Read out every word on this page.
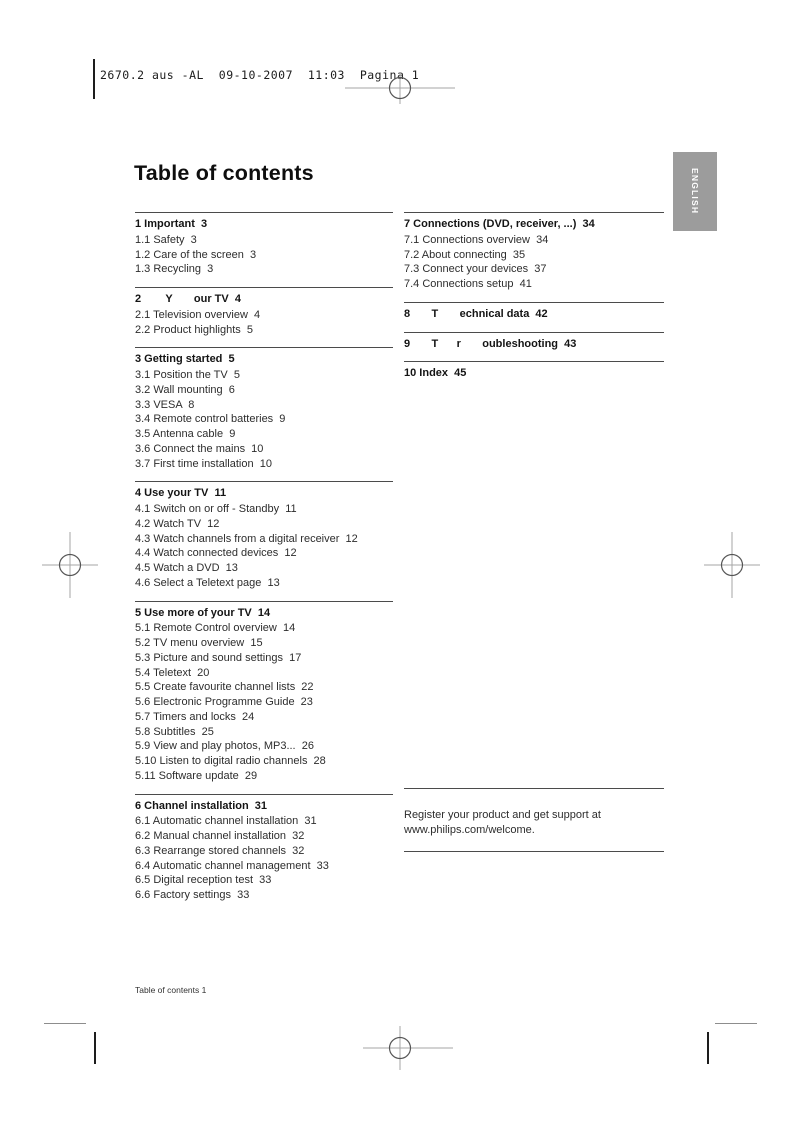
2670.2 aus -AL  09-10-2007  11:03  Pagina 1
Table of contents	ENGLISH
1 Important  3
1.1 Safety  3
1.2 Care of the screen  3
1.3 Recycling  3
2        Y       our TV  4
2.1 Television overview  4
2.2 Product highlights  5
3 Getting started  5
3.1 Position the TV  5
3.2 Wall mounting  6
3.3 VESA  8
3.4 Remote control batteries  9
3.5 Antenna cable  9
3.6 Connect the mains  10
3.7 First time installation  10
4 Use your TV  11
4.1 Switch on or off - Standby  11
4.2 Watch TV  12
4.3 Watch channels from a digital receiver  12
4.4 Watch connected devices  12
4.5 Watch a DVD  13
4.6 Select a Teletext page  13
5 Use more of your TV  14
5.1 Remote Control overview  14
5.2 TV menu overview  15
5.3 Picture and sound settings  17
5.4 Teletext  20
5.5 Create favourite channel lists  22
5.6 Electronic Programme Guide  23
5.7 Timers and locks  24
5.8 Subtitles  25
5.9 View and play photos, MP3...  26
5.10 Listen to digital radio channels  28
5.11 Software update  29
6 Channel installation  31
6.1 Automatic channel installation  31
6.2 Manual channel installation  32
6.3 Rearrange stored channels  32
6.4 Automatic channel management  33
6.5 Digital reception test  33
6.6 Factory settings  33
7 Connections (DVD, receiver, ...)  34
7.1 Connections overview  34
7.2 About connecting  35
7.3 Connect your devices  37
7.4 Connections setup  41
8       T       echnical data  42
9       T      r       oubleshooting  43
10 Index  45
Register your product and get support at
www.philips.com/welcome.
Table of contents 1
